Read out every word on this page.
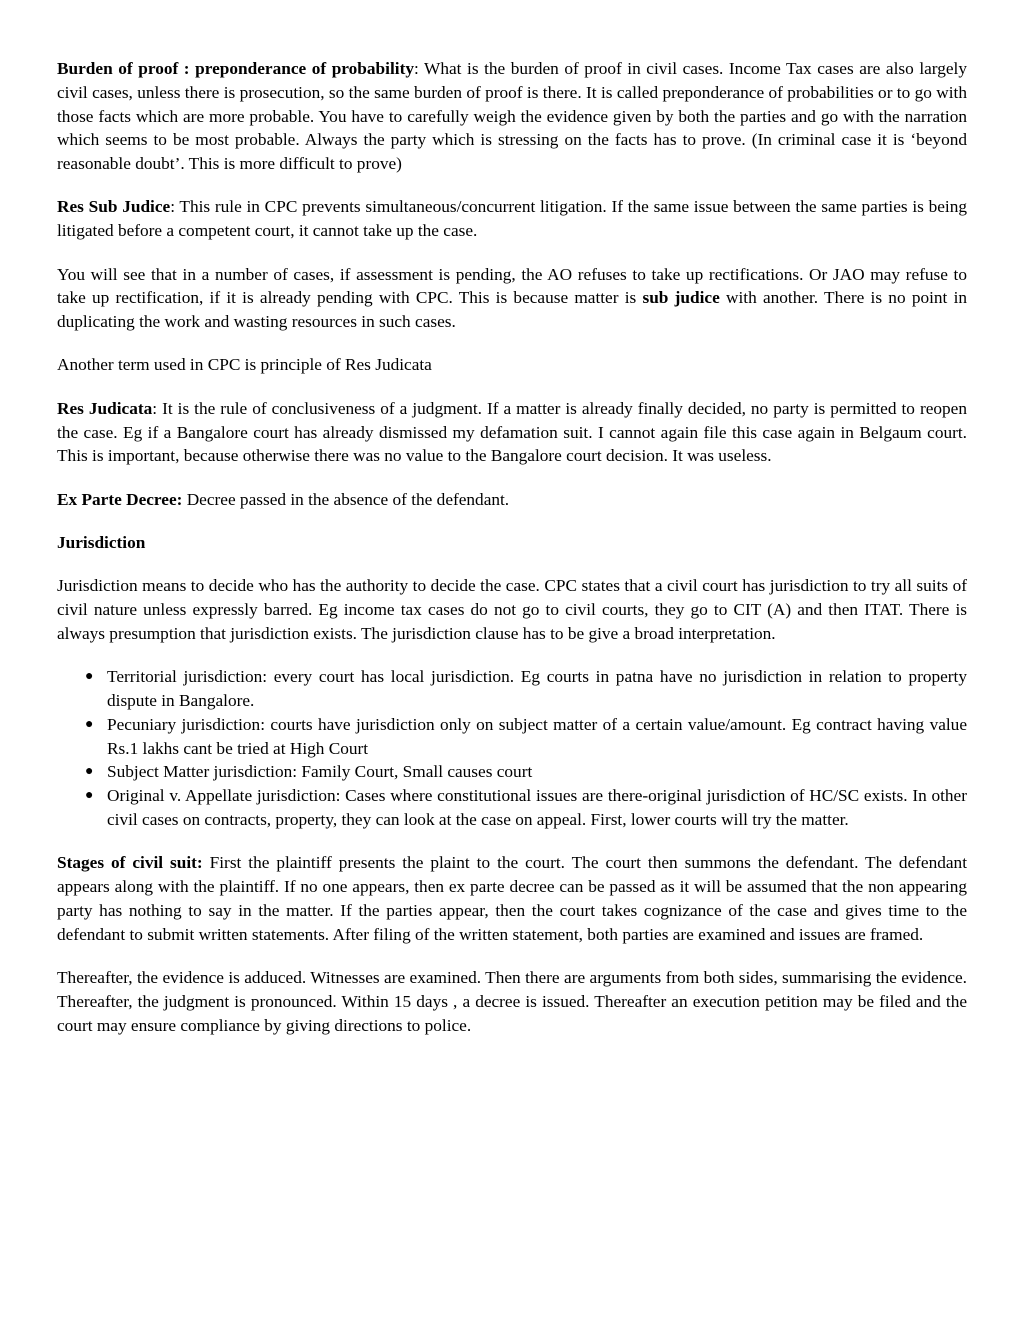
Burden of proof : preponderance of probability: What is the burden of proof in civil cases. Income Tax cases are also largely civil cases, unless there is prosecution, so the same burden of proof is there. It is called preponderance of probabilities or to go with those facts which are more probable. You have to carefully weigh the evidence given by both the parties and go with the narration which seems to be most probable. Always the party which is stressing on the facts has to prove. (In criminal case it is ‘beyond reasonable doubt’. This is more difficult to prove)

Res Sub Judice: This rule in CPC prevents simultaneous/concurrent litigation. If the same issue between the same parties is being litigated before a competent court, it cannot take up the case.

You will see that in a number of cases, if assessment is pending, the AO refuses to take up rectifications. Or JAO may refuse to take up rectification, if it is already pending with CPC. This is because matter is sub judice with another. There is no point in duplicating the work and wasting resources in such cases.

Another term used in CPC is principle of Res Judicata

Res Judicata: It is the rule of conclusiveness of a judgment. If a matter is already finally decided, no party is permitted to reopen the case. Eg if a Bangalore court has already dismissed my defamation suit. I cannot again file this case again in Belgaum court. This is important, because otherwise there was no value to the Bangalore court decision. It was useless.

Ex Parte Decree: Decree passed in the absence of the defendant.

Jurisdiction

Jurisdiction means to decide who has the authority to decide the case. CPC states that a civil court has jurisdiction to try all suits of civil nature unless expressly barred. Eg income tax cases do not go to civil courts, they go to CIT (A) and then ITAT. There is always presumption that jurisdiction exists. The jurisdiction clause has to be give a broad interpretation.

● Territorial jurisdiction: every court has local jurisdiction. Eg courts in patna have no jurisdiction in relation to property dispute in Bangalore.
● Pecuniary jurisdiction: courts have jurisdiction only on subject matter of a certain value/amount. Eg contract having value Rs.1 lakhs cant be tried at High Court
● Subject Matter jurisdiction: Family Court, Small causes court
● Original v. Appellate jurisdiction: Cases where constitutional issues are there-original jurisdiction of HC/SC exists. In other civil cases on contracts, property, they can look at the case on appeal. First, lower courts will try the matter.

Stages of civil suit: First the plaintiff presents the plaint to the court. The court then summons the defendant. The defendant appears along with the plaintiff. If no one appears, then ex parte decree can be passed as it will be assumed that the non appearing party has nothing to say in the matter. If the parties appear, then the court takes cognizance of the case and gives time to the defendant to submit written statements. After filing of the written statement, both parties are examined and issues are framed.

Thereafter, the evidence is adduced. Witnesses are examined. Then there are arguments from both sides, summarising the evidence. Thereafter, the judgment is pronounced. Within 15 days , a decree is issued. Thereafter an execution petition may be filed and the court may ensure compliance by giving directions to police.
